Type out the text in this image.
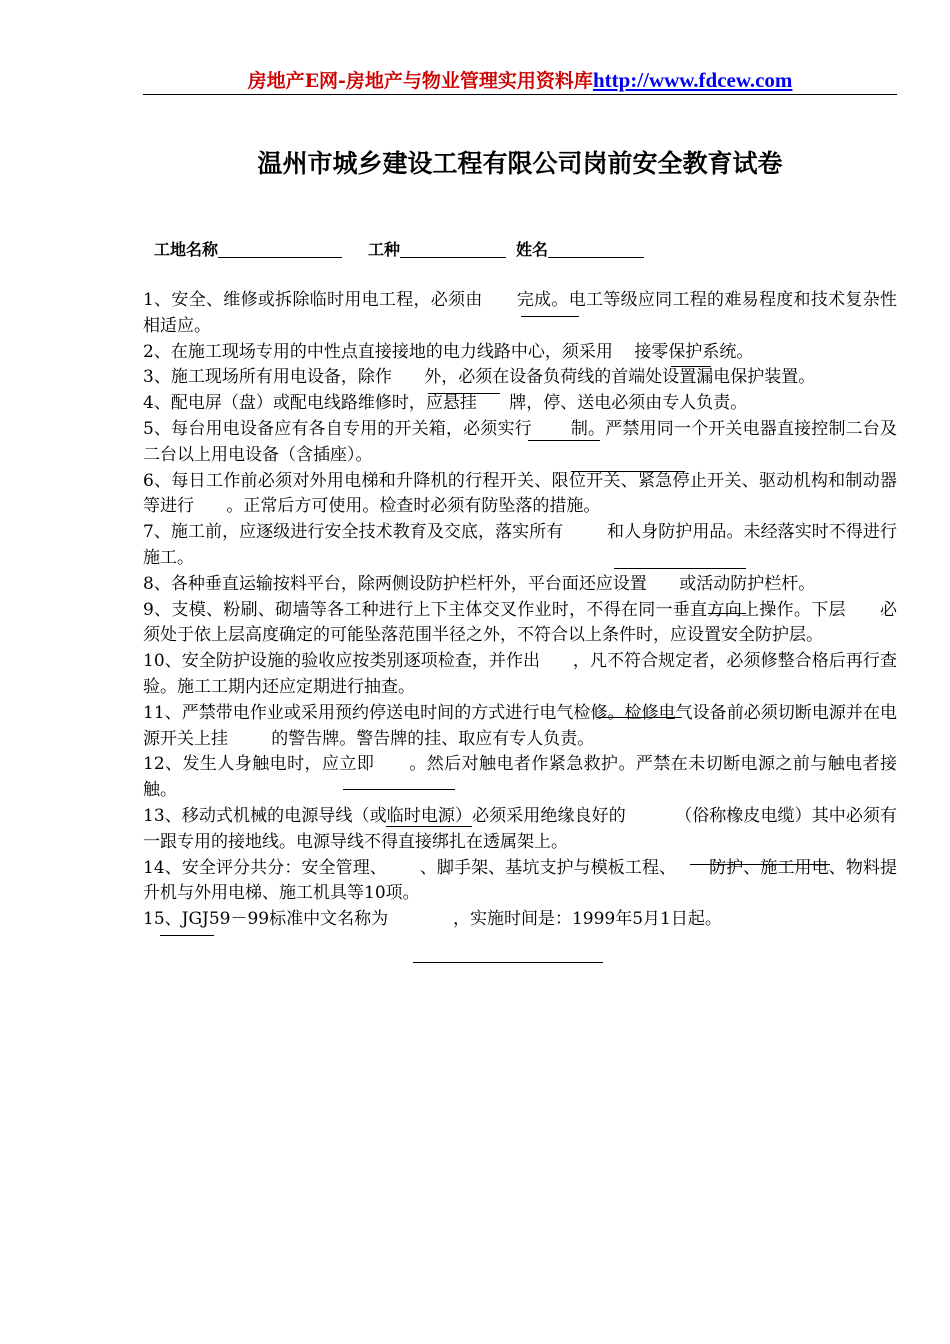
房地产E网-房地产与物业管理实用资料库http://www.fdcew.com
温州市城乡建设工程有限公司岗前安全教育试卷
工地名称	工种	姓名

1、安全、维修或拆除临时用电工程，必须由      完成。电工等级应同工程的难易程度和技术复杂性相适应。

2、在施工现场专用的中性点直接接地的电力线路中心，须采用    接零保护系统。

3、施工现场所有用电设备，除作      外，必须在设备负荷线的首端处设置漏电保护装置。

4、配电屏（盘）或配电线路维修时，应悬挂      牌，停、送电必须由专人负责。

5、每台用电设备应有各自专用的开关箱，必须实行       制。严禁用同一个开关电器直接控制二台及二台以上用电设备（含插座）。

6、每日工作前必须对外用电梯和升降机的行程开关、限位开关、紧急停止开关、驱动机构和制动器等进行      。正常后方可使用。检查时必须有防坠落的措施。

7、施工前，应逐级进行安全技术教育及交底，落实所有        和人身防护用品。未经落实时不得进行施工。

8、各种垂直运输按料平台，除两侧设防护栏杆外，平台面还应设置      或活动防护栏杆。

9、支模、粉刷、砌墙等各工种进行上下主体交叉作业时，不得在同一垂直方向上操作。下层      必须处于依上层高度确定的可能坠落范围半径之外，不符合以上条件时，应设置安全防护层。

10、安全防护设施的验收应按类别逐项检查，并作出      ，凡不符合规定者，必须修整合格后再行查验。施工工期内还应定期进行抽查。

11、严禁带电作业或采用预约停送电时间的方式进行电气检修。检修电气设备前必须切断电源并在电源开关上挂        的警告牌。警告牌的挂、取应有专人负责。

12、发生人身触电时，应立即      。然后对触电者作紧急救护。严禁在未切断电源之前与触电者接触。

13、移动式机械的电源导线（或临时电源）必须采用绝缘良好的         （俗称橡皮电缆）其中必须有一跟专用的接地线。电源导线不得直接绑扎在透属架上。

14、安全评分共分：安全管理、      、脚手架、基坑支护与模板工程、      防护、施工用电、物料提升机与外用电梯、施工机具等10项。

15、JGJ59－99标准中文名称为            ，实施时间是：1999年5月1日起。
